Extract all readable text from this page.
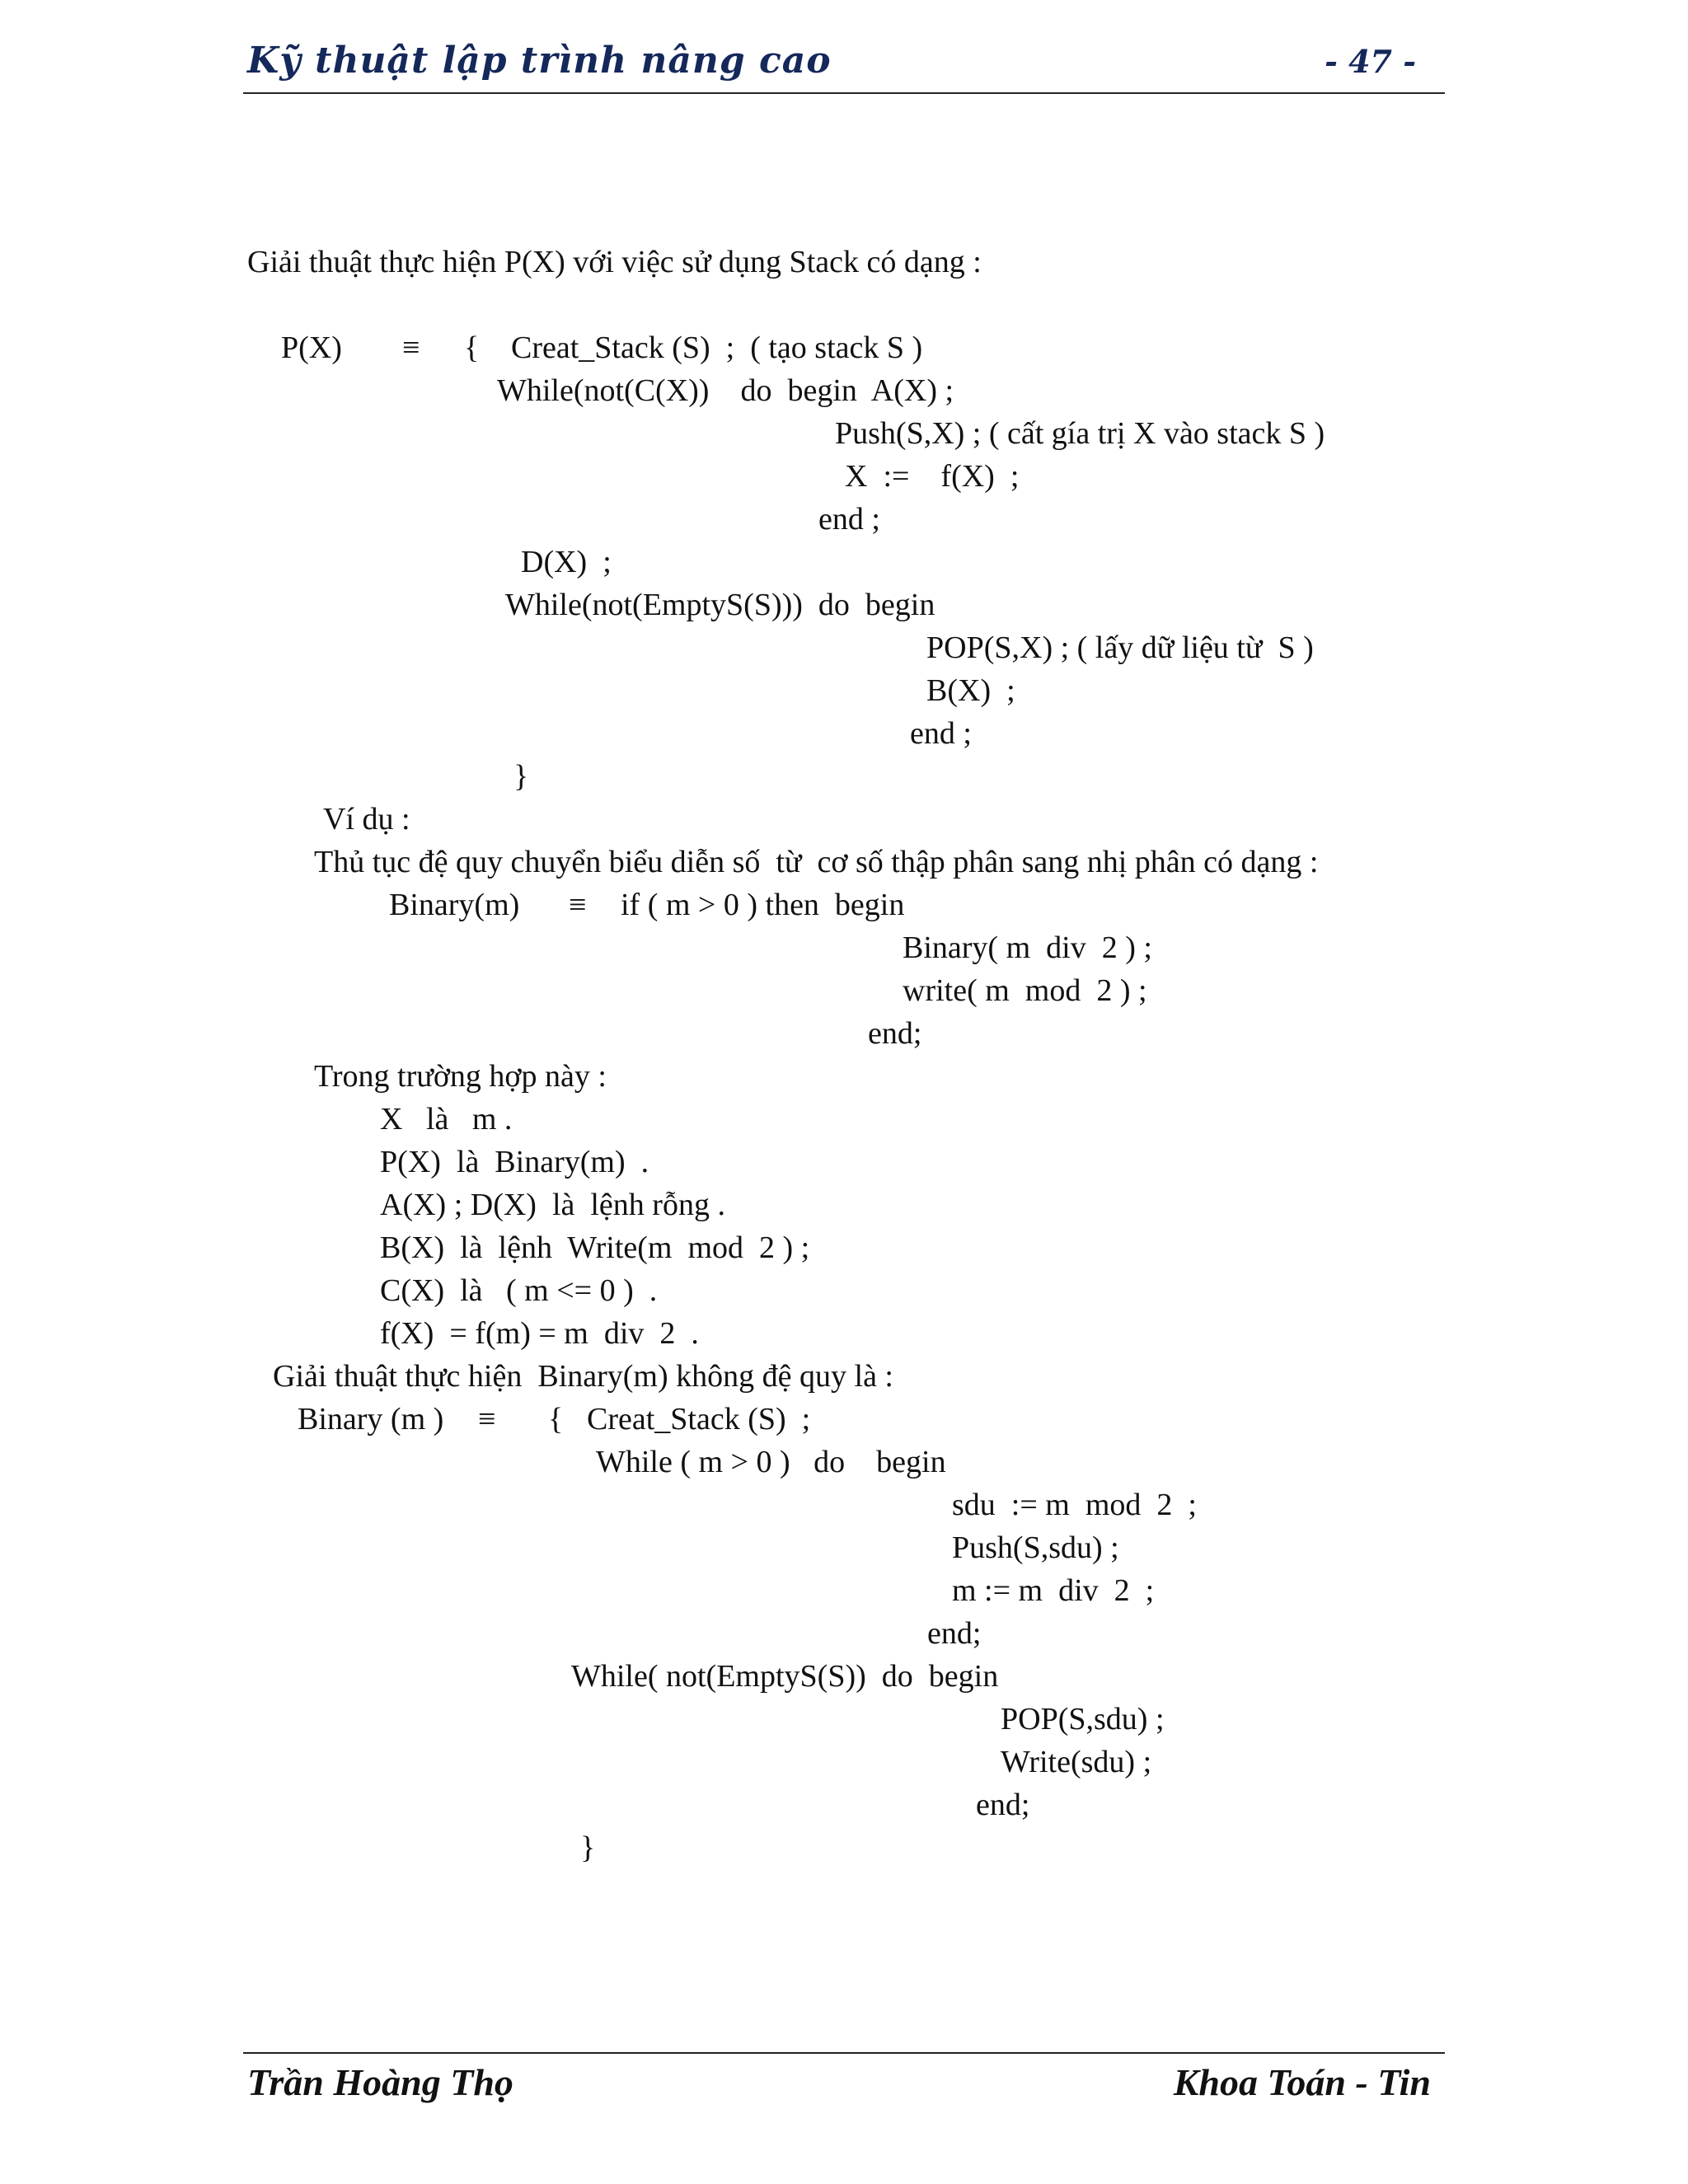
Kỹ thuật lập trình nâng cao	- 47 -
Giải thuật thực hiện P(X) với việc sử dụng Stack có dạng :
P(X) ≡ { Creat_Stack (S)  ;  ( tạo stack S )
While(not(C(X))    do  begin  A(X) ;
Push(S,X) ; ( cất gía trị X vào stack S )
X  :=    f(X)  ;
end ;
D(X)  ;
While(not(EmptyS(S)))  do  begin
POP(S,X) ; ( lấy dữ liệu từ  S )
B(X)  ;
end ;
}
Ví dụ :
Thủ tục đệ quy chuyển biểu diễn số  từ  cơ số thập phân sang nhị phân có dạng :
Binary(m) ≡ if ( m > 0 ) then  begin
Binary( m  div  2 ) ;
write( m  mod  2 ) ;
end;
Trong trường hợp này :
X   là   m .
P(X)  là  Binary(m)  .
A(X) ; D(X)  là  lệnh rỗng .
B(X)  là  lệnh  Write(m  mod  2 ) ;
C(X)  là   ( m <= 0 )  .
f(X)  = f(m) = m  div  2  .
Giải thuật thực hiện  Binary(m) không đệ quy là :
Binary (m ) ≡ { Creat_Stack (S)  ;
While ( m > 0 )   do    begin
sdu  := m  mod  2  ;
Push(S,sdu) ;
m := m  div  2  ;
end;
While( not(EmptyS(S))  do  begin
POP(S,sdu) ;
Write(sdu) ;
end;
}
Trần Hoàng Thọ	Khoa Toán - Tin
